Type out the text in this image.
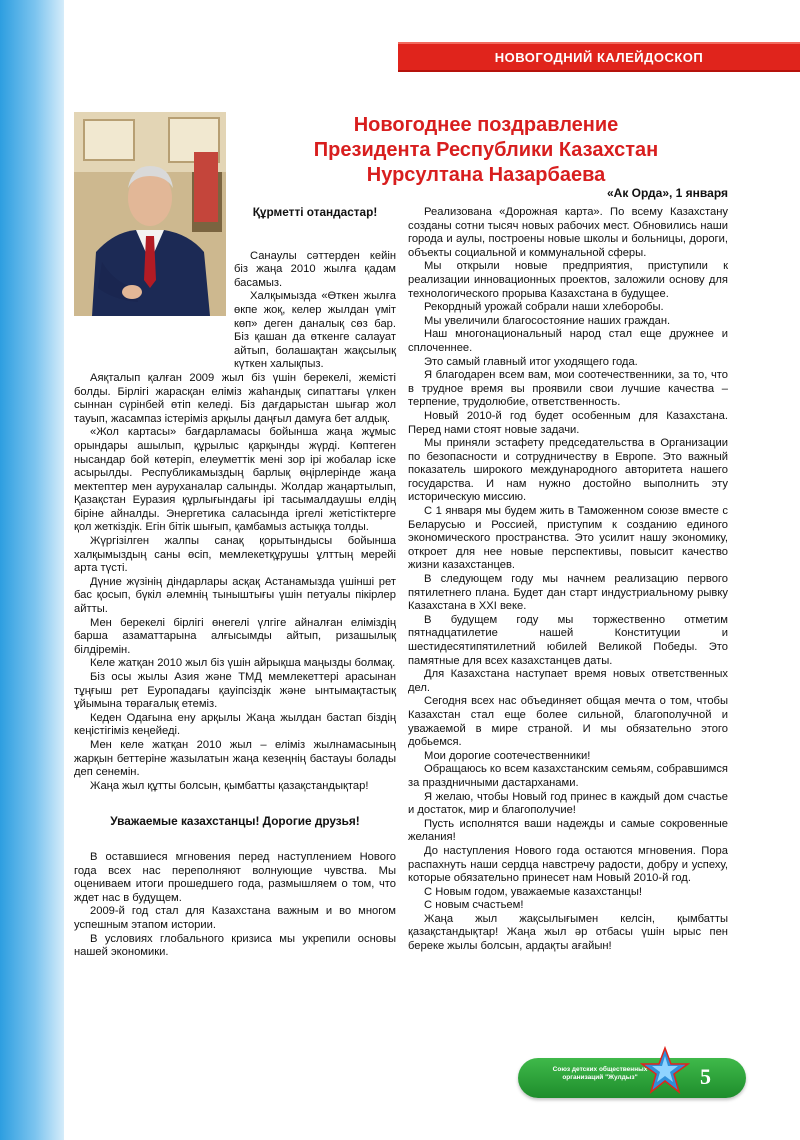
НОВОГОДНИЙ КАЛЕЙДОСКОП
Новогоднее поздравление
Президента Республики Казахстан
Нурсултана Назарбаева
«Ак Орда», 1 января

Құрметті отандастар!

Санаулы сәттерден кейін біз жаңа 2010 жылға қадам басамыз.

Халқымызда «Өткен жылға өкпе жоқ, келер жылдан үміт көп» деген даналық сөз бар. Біз қашан да өткенге салауат айтып, болашақтан жақсылық күткен халықпыз.

Аяқталып қалған 2009 жыл біз үшін берекелі, жемісті болды. Бірлігі жарасқан еліміз жаһандық сипаттағы үлкен сыннан сүрінбей өтіп келеді. Біз дағдарыстан шығар жол тауып, жасампаз істерімiз арқылы даңғыл дамуға бет алдық.

«Жол картасы» бағдарламасы бойынша жаңа жұмыс орындары ашылып, құрылыс қарқынды жүрді. Көптеген нысандар бой көтеріп, елеуметтік мені зор ірі жобалар іске асырылды. Республикамыздың барлық өңірлерінде жаңа мектептер мен ауруханалар салынды. Жолдар жаңартылып, Қазақстан Еуразия құрлығындағы ірі тасымалдаушы елдің біріне айналды. Энергетика саласында іргелі жетістіктерге қол жеткіздік. Егін бітік шығып, қамбамыз астыққа толды.

Жүргізілген жалпы санақ қорытындысы бойынша халқымыздың саны өсіп, мемлекетқұрушы ұлттың мерейі арта түсті.

Дүние жүзінің діндарлары асқақ Астанамызда үшінші рет бас қосып, бүкіл әлемнің тыныштығы үшін петуалы пікірлер айтты.

Мен берекелі бірлігі өнегелі үлгіге айналған еліміздің барша азаматтарына алғысымды айтып, ризашылық білдіремін.

Келе жатқан 2010 жыл біз үшін айрықша маңызды болмақ.

Біз осы жылы Азия және ТМД мемлекеттері арасынан тұңғыш рет Еуропадағы қауіпсіздік және ынтымақтастық ұйымына төрағалық етеміз.

Кеден Одағына ену арқылы Жаңа жылдан бастап біздің кеңістігіміз кеңейеді.

Мен келе жатқан 2010 жыл – еліміз жылнамасының жарқын беттеріне жазылатын жаңа кезеңнің бастауы болады деп сенемін.

Жаңа жыл құтты болсын, қымбатты қазақстандықтар!

Уважаемые казахстанцы! Дорогие друзья!

В оставшиеся мгновения перед наступлением Нового года всех нас переполняют волнующие чувства. Мы оцениваем итоги прошедшего года, размышляем о том, что ждет нас в будущем.

2009-й год стал для Казахстана важным и во многом успешным этапом истории.

В условиях глобального кризиса мы укрепили основы нашей экономики.

Реализована «Дорожная карта». По всему Казахстану созданы сотни тысяч новых рабочих мест. Обновились наши города и аулы, построены новые школы и больницы, дороги, объекты социальной и коммунальной сферы.

Мы открыли новые предприятия, приступили к реализации инновационных проектов, заложили основу для технологического прорыва Казахстана в будущее.

Рекордный урожай собрали наши хлеборобы.

Мы увеличили благосостояние наших граждан.

Наш многонациональный народ стал еще дружнее и сплоченнее.

Это самый главный итог уходящего года.

Я благодарен всем вам, мои соотечественники, за то, что в трудное время вы проявили свои лучшие качества – терпение, трудолюбие, ответственность.

Новый 2010-й год будет особенным для Казахстана. Перед нами стоят новые задачи.

Мы приняли эстафету председательства в Организации по безопасности и сотрудничеству в Европе. Это важный показатель широкого международного авторитета нашего государства. И нам нужно достойно выполнить эту историческую миссию.

С 1 января мы будем жить в Таможенном союзе вместе с Беларусью и Россией, приступим к созданию единого экономического пространства. Это усилит нашу экономику, откроет для нее новые перспективы, повысит качество жизни казахстанцев.

В следующем году мы начнем реализацию первого пятилетнего плана. Будет дан старт индустриальному рывку Казахстана в XXI веке.

В будущем году мы торжественно отметим пятнадцатилетие нашей Конституции и шестидесятипятилетний юбилей Великой Победы. Это памятные для всех казахстанцев даты.

Для Казахстана наступает время новых ответственных дел.

Сегодня всех нас объединяет общая мечта о том, чтобы Казахстан стал еще более сильной, благополучной и уважаемой в мире страной. И мы обязательно этого добьемся.

Мои дорогие соотечественники!

Обращаюсь ко всем казахстанским семьям, собравшимся за праздничными дастарханами.

Я желаю, чтобы Новый год принес в каждый дом счастье и достаток, мир и благополучие!

Пусть исполнятся ваши надежды и самые сокровенные желания!

До наступления Нового года остаются мгновения. Пора распахнуть наши сердца навстречу радости, добру и успеху, которые обязательно принесет нам Новый 2010-й год.

С Новым годом, уважаемые казахстанцы!

С новым счастьем!

Жаңа жыл жақсылығымен келсін, қымбатты қазақстандықтар! Жаңа жыл әр отбасы үшін ырыс пен береке жылы болсын, ардақты ағайын!

Союз детских общественных
организаций "Жулдыз"	5
